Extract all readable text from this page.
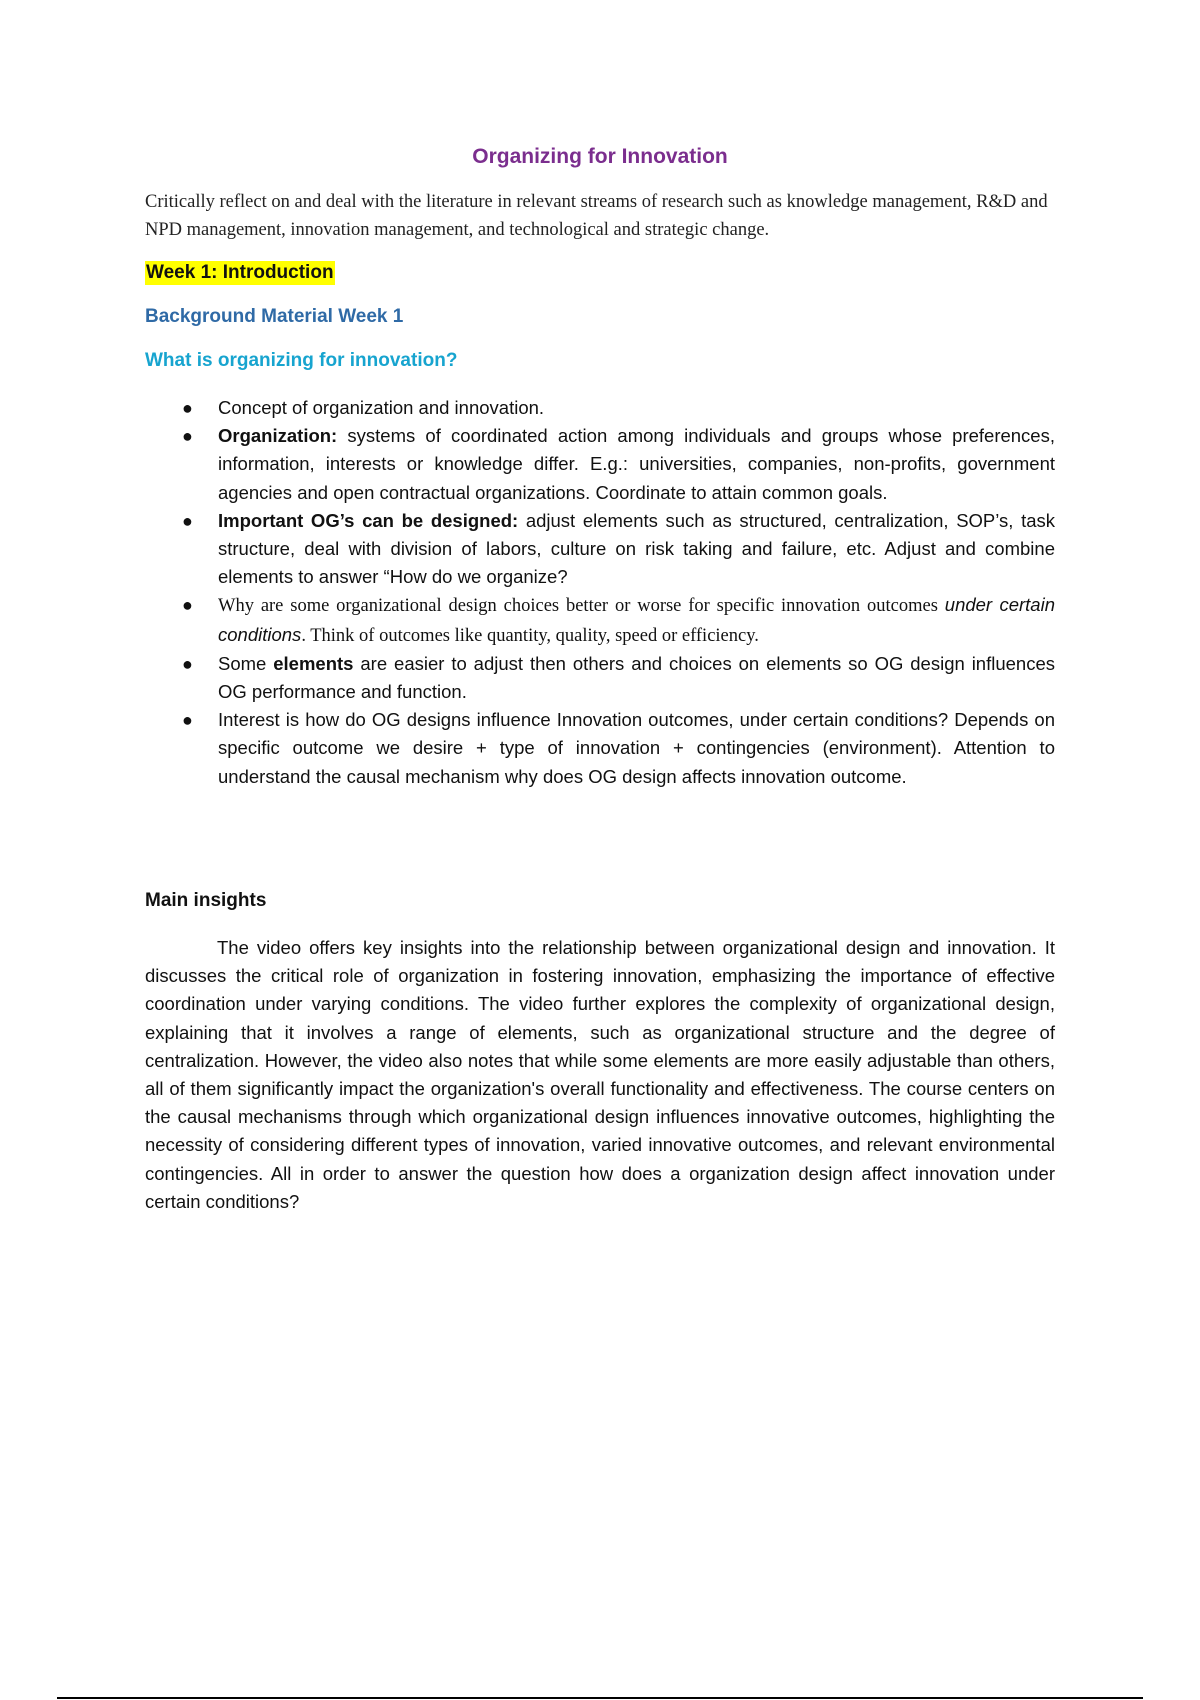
Organizing for Innovation

Critically reflect on and deal with the literature in relevant streams of research such as knowledge management, R&D and NPD management, innovation management, and technological and strategic change.

Week 1: Introduction

Background Material Week 1

What is organizing for innovation?

● Concept of organization and innovation.
● Organization: systems of coordinated action among individuals and groups whose preferences, information, interests or knowledge differ. E.g.: universities, companies, non-profits, government agencies and open contractual organizations. Coordinate to attain common goals.
● Important OG’s can be designed: adjust elements such as structured, centralization, SOP’s, task structure, deal with division of labors, culture on risk taking and failure, etc. Adjust and combine elements to answer “How do we organize?
● Why are some organizational design choices better or worse for specific innovation outcomes under certain conditions. Think of outcomes like quantity, quality, speed or efficiency.
● Some elements are easier to adjust then others and choices on elements so OG design influences OG performance and function.
● Interest is how do OG designs influence Innovation outcomes, under certain conditions? Depends on specific outcome we desire + type of innovation + contingencies (environment). Attention to understand the causal mechanism why does OG design affects innovation outcome.

Main insights

The video offers key insights into the relationship between organizational design and innovation. It discusses the critical role of organization in fostering innovation, emphasizing the importance of effective coordination under varying conditions. The video further explores the complexity of organizational design, explaining that it involves a range of elements, such as organizational structure and the degree of centralization. However, the video also notes that while some elements are more easily adjustable than others, all of them significantly impact the organization's overall functionality and effectiveness. The course centers on the causal mechanisms through which organizational design influences innovative outcomes, highlighting the necessity of considering different types of innovation, varied innovative outcomes, and relevant environmental contingencies. All in order to answer the question how does a organization design affect innovation under certain conditions?
